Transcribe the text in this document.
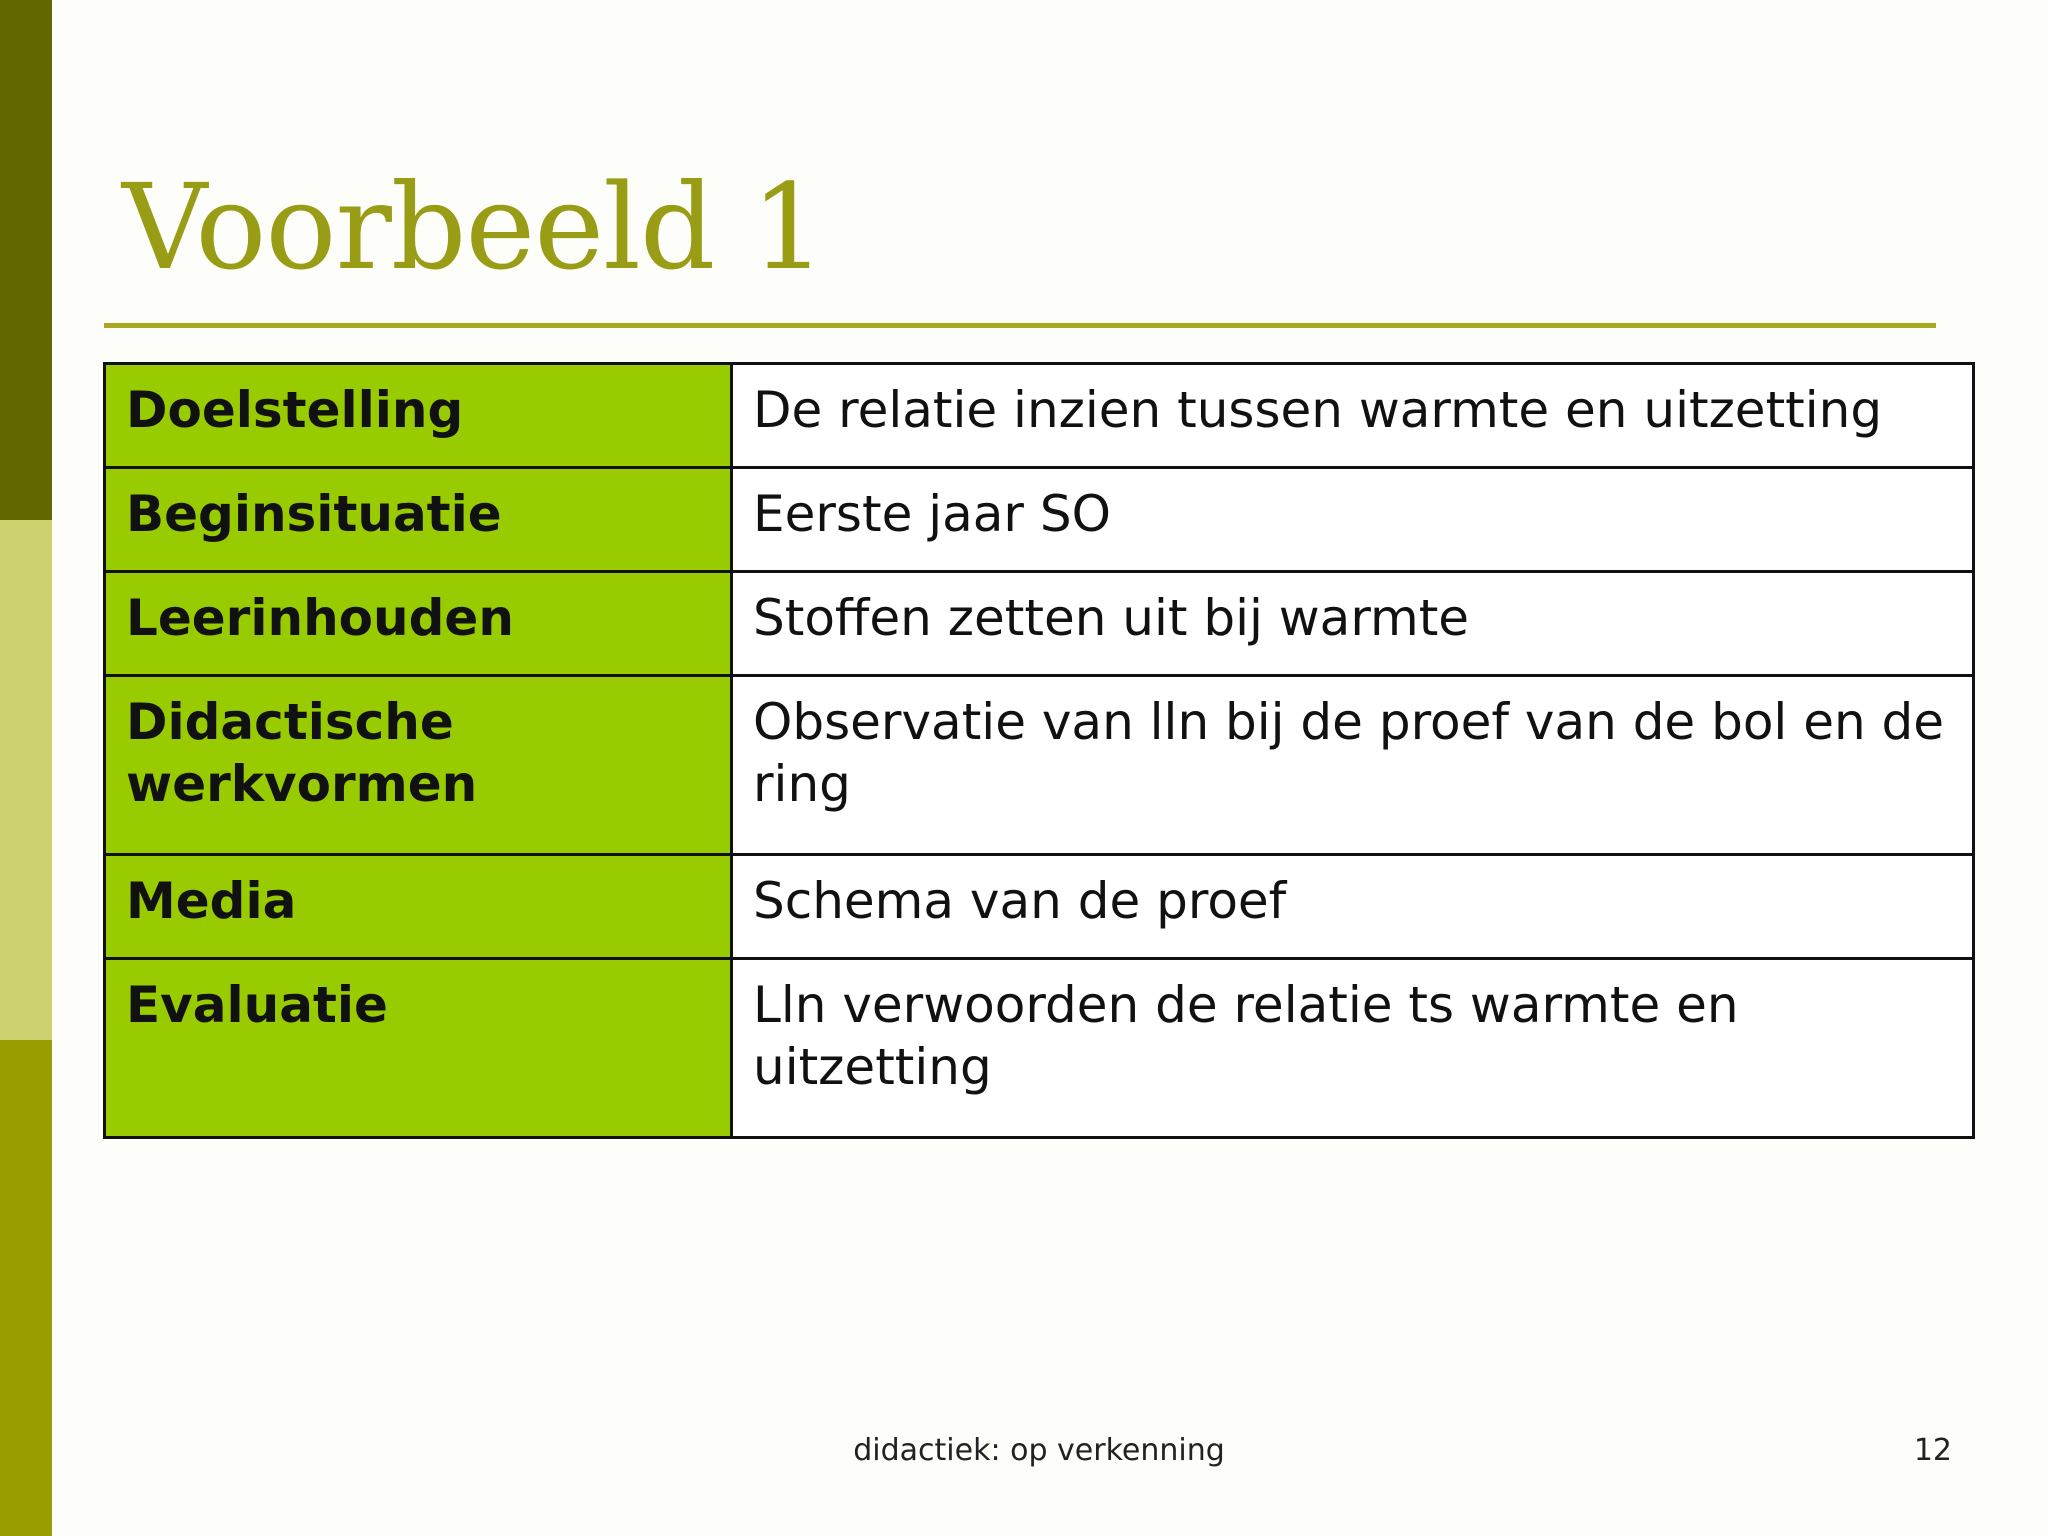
Voorbeeld 1
Doelstelling	De relatie inzien tussen warmte en uitzetting
Beginsituatie	Eerste jaar SO
Leerinhouden	Stoffen zetten uit bij warmte
Didactische werkvormen	Observatie van lln bij de proef van de bol en de ring
Media	Schema van de proef
Evaluatie	Lln verwoorden de relatie ts warmte en uitzetting
didactiek: op verkenning	12
